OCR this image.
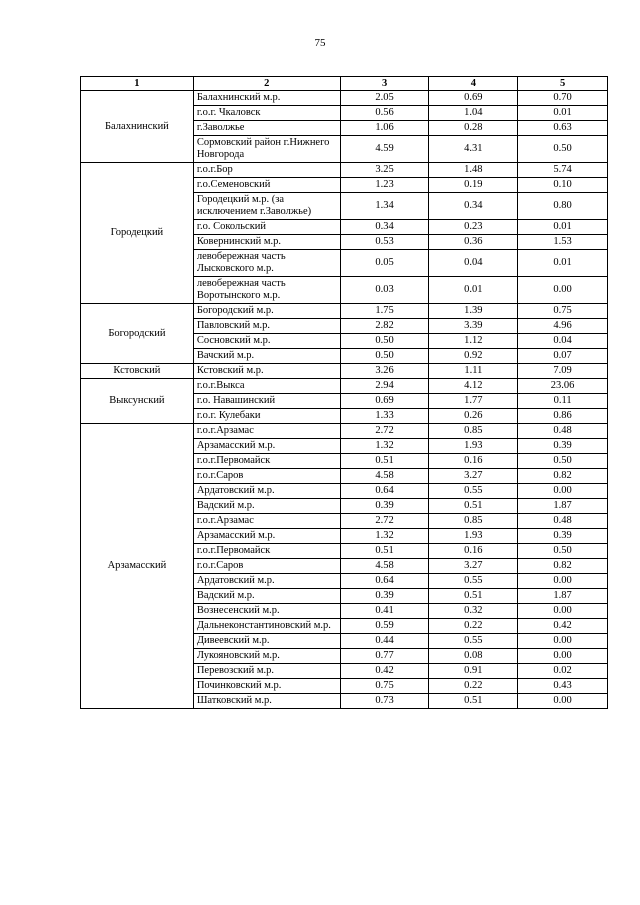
75
1	2	3	4	5
Балахнинский	Балахнинский м.р.	2.05	0.69	0.70
	г.о.г. Чкаловск	0.56	1.04	0.01
	г.Заволжье	1.06	0.28	0.63
	Сормовский район г.Нижнего Новгорода	4.59	4.31	0.50
Городецкий	г.о.г.Бор	3.25	1.48	5.74
	г.о.Семеновский	1.23	0.19	0.10
	Городецкий м.р. (за исключением г.Заволжье)	1.34	0.34	0.80
	г.о. Сокольский	0.34	0.23	0.01
	Ковернинский м.р.	0.53	0.36	1.53
	левобережная часть Лысковского м.р.	0.05	0.04	0.01
	левобережная часть Воротынского м.р.	0.03	0.01	0.00
Богородский	Богородский м.р.	1.75	1.39	0.75
	Павловский м.р.	2.82	3.39	4.96
	Сосновский м.р.	0.50	1.12	0.04
	Вачский м.р.	0.50	0.92	0.07
Кстовский	Кстовский м.р.	3.26	1.11	7.09
Выксунский	г.о.г.Выкса	2.94	4.12	23.06
	г.о. Навашинский	0.69	1.77	0.11
	г.о.г. Кулебаки	1.33	0.26	0.86
Арзамасский	г.о.г.Арзамас	2.72	0.85	0.48
	Арзамасский м.р.	1.32	1.93	0.39
	г.о.г.Первомайск	0.51	0.16	0.50
	г.о.г.Саров	4.58	3.27	0.82
	Ардатовский м.р.	0.64	0.55	0.00
	Вадский м.р.	0.39	0.51	1.87
	г.о.г.Арзамас	2.72	0.85	0.48
	Арзамасский м.р.	1.32	1.93	0.39
	г.о.г.Первомайск	0.51	0.16	0.50
	г.о.г.Саров	4.58	3.27	0.82
	Ардатовский м.р.	0.64	0.55	0.00
	Вадский м.р.	0.39	0.51	1.87
	Вознесенский м.р.	0.41	0.32	0.00
	Дальнеконстантиновский м.р.	0.59	0.22	0.42
	Дивеевский м.р.	0.44	0.55	0.00
	Лукояновский м.р.	0.77	0.08	0.00
	Перевозский м.р.	0.42	0.91	0.02
	Починковский м.р.	0.75	0.22	0.43
	Шатковский м.р.	0.73	0.51	0.00
